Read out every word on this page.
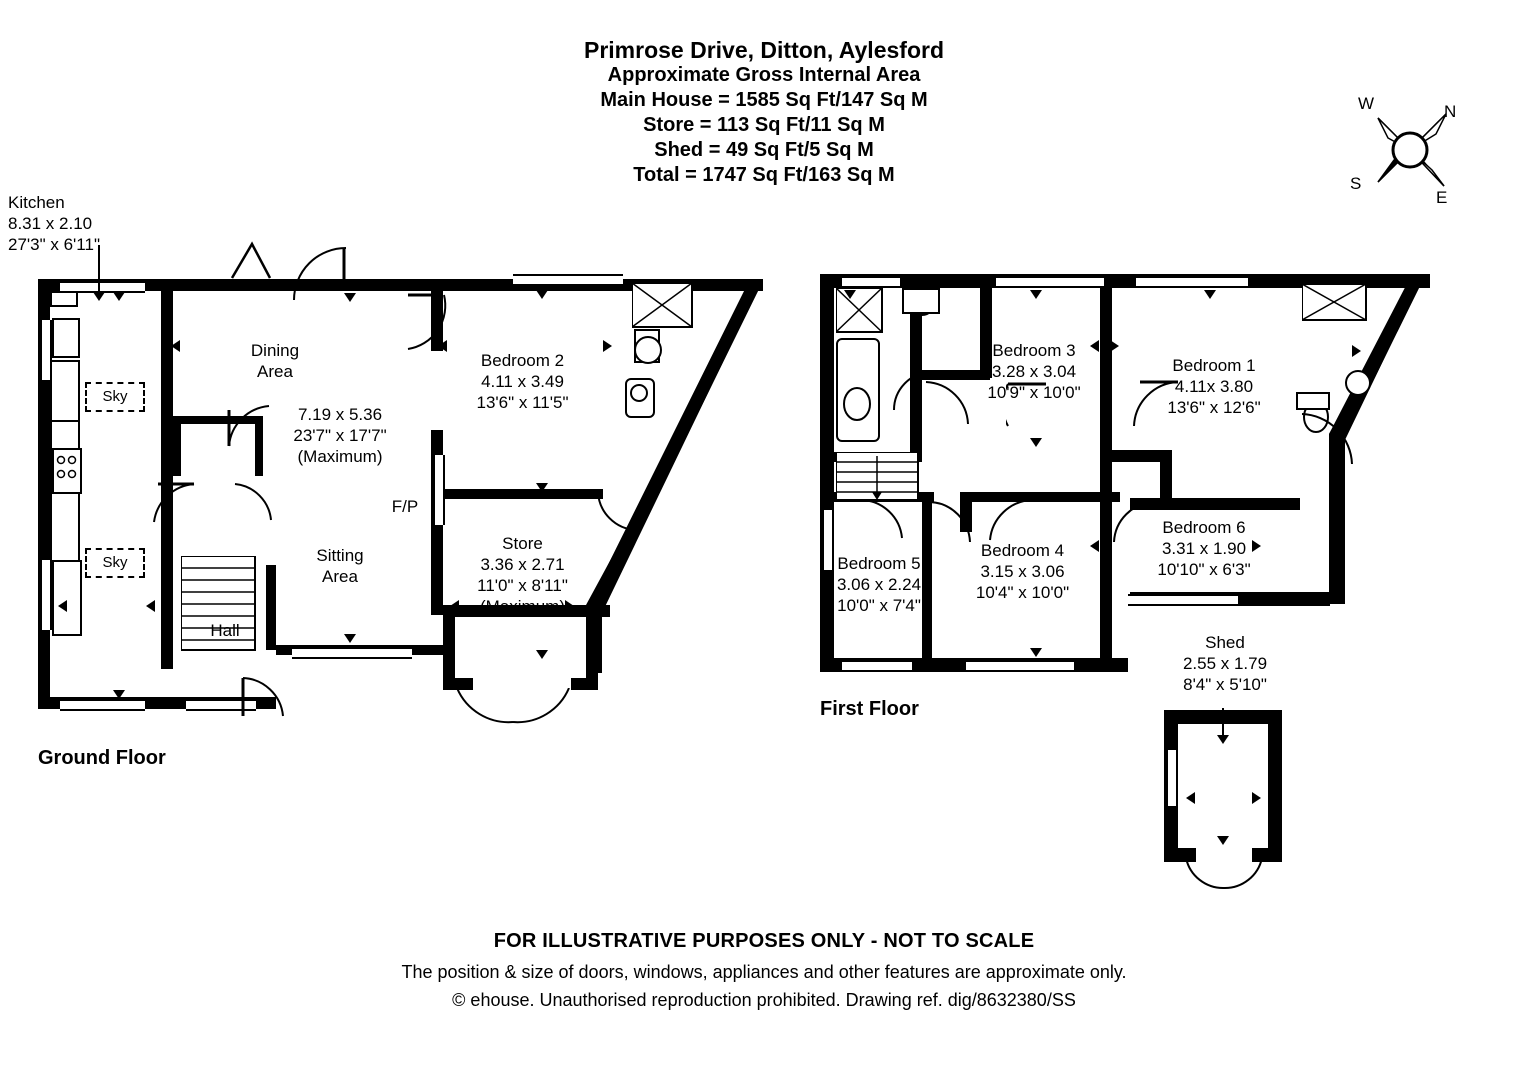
Primrose Drive, Ditton, Aylesford
Approximate Gross Internal Area
Main House = 1585 Sq Ft/147 Sq M
Store = 113 Sq Ft/11 Sq M
Shed = 49 Sq Ft/5 Sq M
Total = 1747 Sq Ft/163 Sq M
N
E
S
W
Sky
Sky
Kitchen
8.31 x 2.10
27'3" x 6'11"
Dining
Area
7.19 x 5.36
23'7" x 17'7"
(Maximum)
Sitting
Area
Hall
F/P
Bedroom 2
4.11 x 3.49
13'6" x 11'5"
Store
3.36 x 2.71
11'0" x 8'11"
(Maximum)
Ground Floor
Bedroom 3
3.28 x 3.04
10'9" x 10'0"
Bedroom 1
4.11x 3.80
13'6" x 12'6"
Bedroom 6
3.31 x 1.90
10'10" x 6'3"
Bedroom 5
3.06 x 2.24
10'0" x 7'4"
Bedroom 4
3.15 x 3.06
10'4" x 10'0"
First Floor
Shed
2.55 x 1.79
8'4" x 5'10"
FOR ILLUSTRATIVE PURPOSES ONLY - NOT TO SCALE
The position & size of doors, windows, appliances and other features are approximate only.
© ehouse. Unauthorised reproduction prohibited. Drawing ref. dig/8632380/SS
